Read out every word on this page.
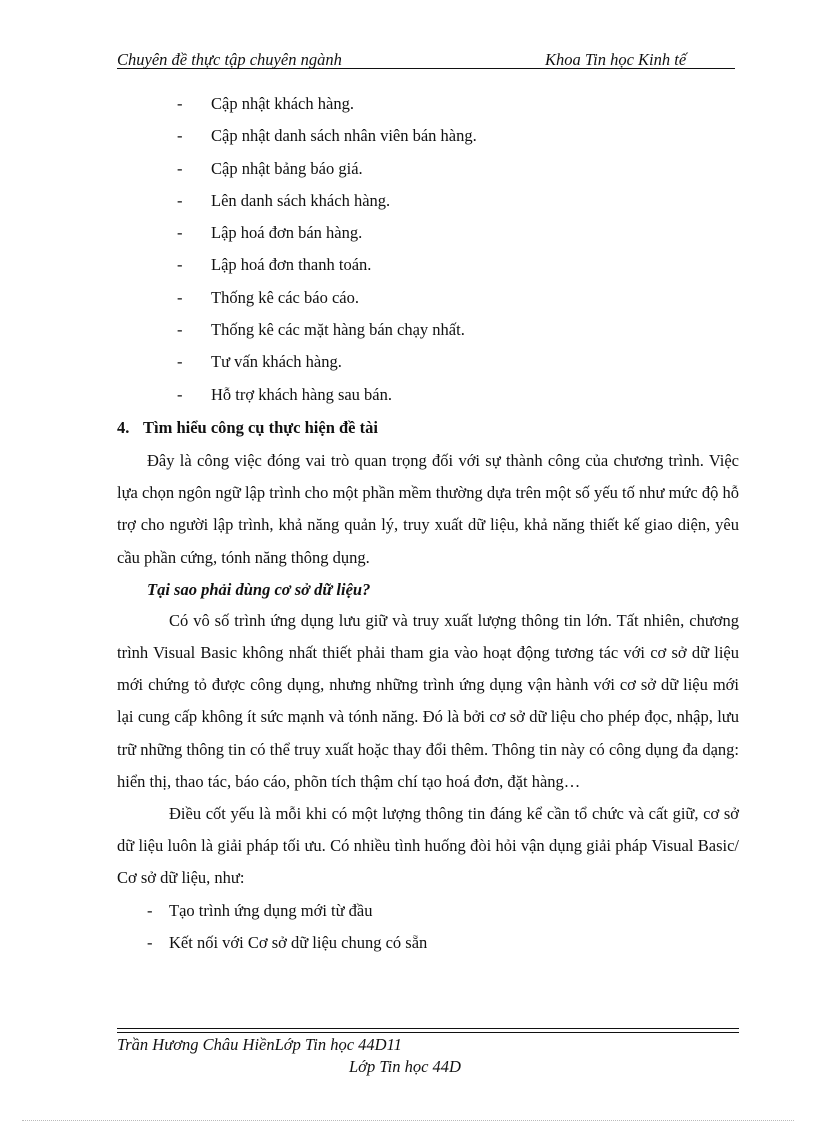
Chuyên đề thực tập chuyên ngành	Khoa Tin học Kinh tế
- Cập nhật khách hàng.
- Cập nhật danh sách nhân viên bán hàng.
- Cập nhật bảng báo giá.
- Lên danh sách khách hàng.
- Lập hoá đơn bán hàng.
- Lập hoá đơn thanh toán.
- Thống kê các báo cáo.
- Thống kê các mặt hàng bán chạy nhất.
- Tư vấn khách hàng.
- Hỗ trợ khách hàng sau bán.
4. Tìm hiểu công cụ thực hiện đề tài

Đây là công việc đóng vai trò quan trọng đối với sự thành công của chương trình. Việc lựa chọn ngôn ngữ lập trình cho một phần mềm thường dựa trên một số yếu tố như mức độ hỗ trợ cho người lập trình, khả năng quản lý, truy xuất dữ liệu, khả năng thiết kế giao diện, yêu cầu phần cứng, tónh năng thông dụng.

Tại sao phải dùng cơ sở dữ liệu?

Có vô số trình ứng dụng lưu giữ và truy xuất lượng thông tin lớn. Tất nhiên, chương trình Visual Basic không nhất thiết phải tham gia vào hoạt động tương tác với cơ sở dữ liệu mới chứng tỏ được công dụng, nhưng những trình ứng dụng vận hành với cơ sở dữ liệu mới lại cung cấp không ít sức mạnh và tónh năng. Đó là bởi cơ sở dữ liệu cho phép đọc, nhập, lưu trữ những thông tin có thể truy xuất hoặc thay đổi thêm. Thông tin này có công dụng đa dạng: hiển thị, thao tác, báo cáo, phõn tích thậm chí tạo hoá đơn, đặt hàng…

Điều cốt yếu là mỗi khi có một lượng thông tin đáng kể cần tổ chức và cất giữ, cơ sở dữ liệu luôn là giải pháp tối ưu. Có nhiều tình huống đòi hỏi vận dụng giải pháp Visual Basic/ Cơ sở dữ liệu, như:

- Tạo trình ứng dụng mới từ đầu
- Kết nối với Cơ sở dữ liệu chung có sẵn
Trần Hương Châu HiềnLớp Tin học 44D11
Lớp Tin học 44D
